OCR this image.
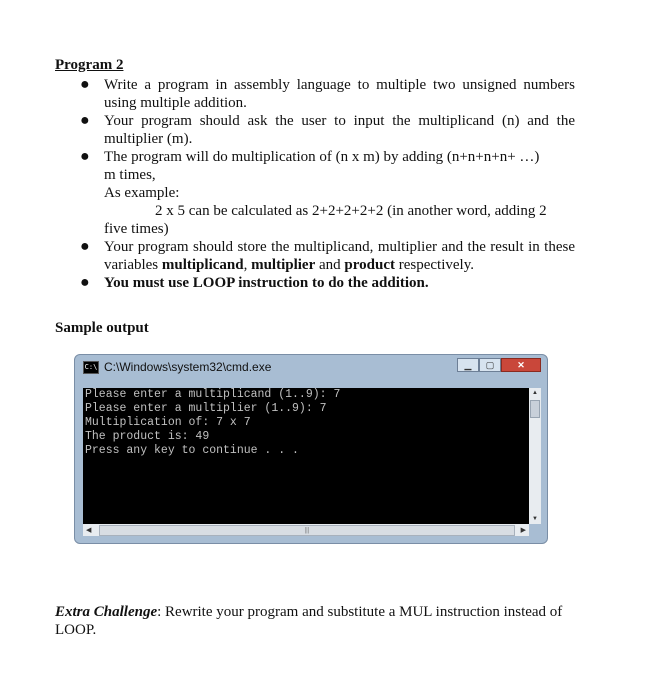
Program 2
● Write a program in assembly language to multiple two unsigned numbers using multiple addition.
● Your program should ask the user to input the multiplicand (n) and the multiplier (m).
● The program will do multiplication of (n x m) by adding (n+n+n+n+ …)
m times,
As example:
2 x 5 can be calculated as 2+2+2+2+2 (in another word, adding 2
five times)
● Your program should store the multiplicand, multiplier and the result in these variables multiplicand, multiplier and product respectively.
● You must use LOOP instruction to do the addition.
Sample output
C:\ C:\Windows\system32\cmd.exe	▁	▢	✕
Please enter a multiplicand (1..9): 7
Please enter a multiplier (1..9): 7
Multiplication of: 7 x 7
The product is: 49
Press any key to continue . . .
▲
▼
◀	|||	▶
Extra Challenge: Rewrite your program and substitute a MUL instruction instead of LOOP.
